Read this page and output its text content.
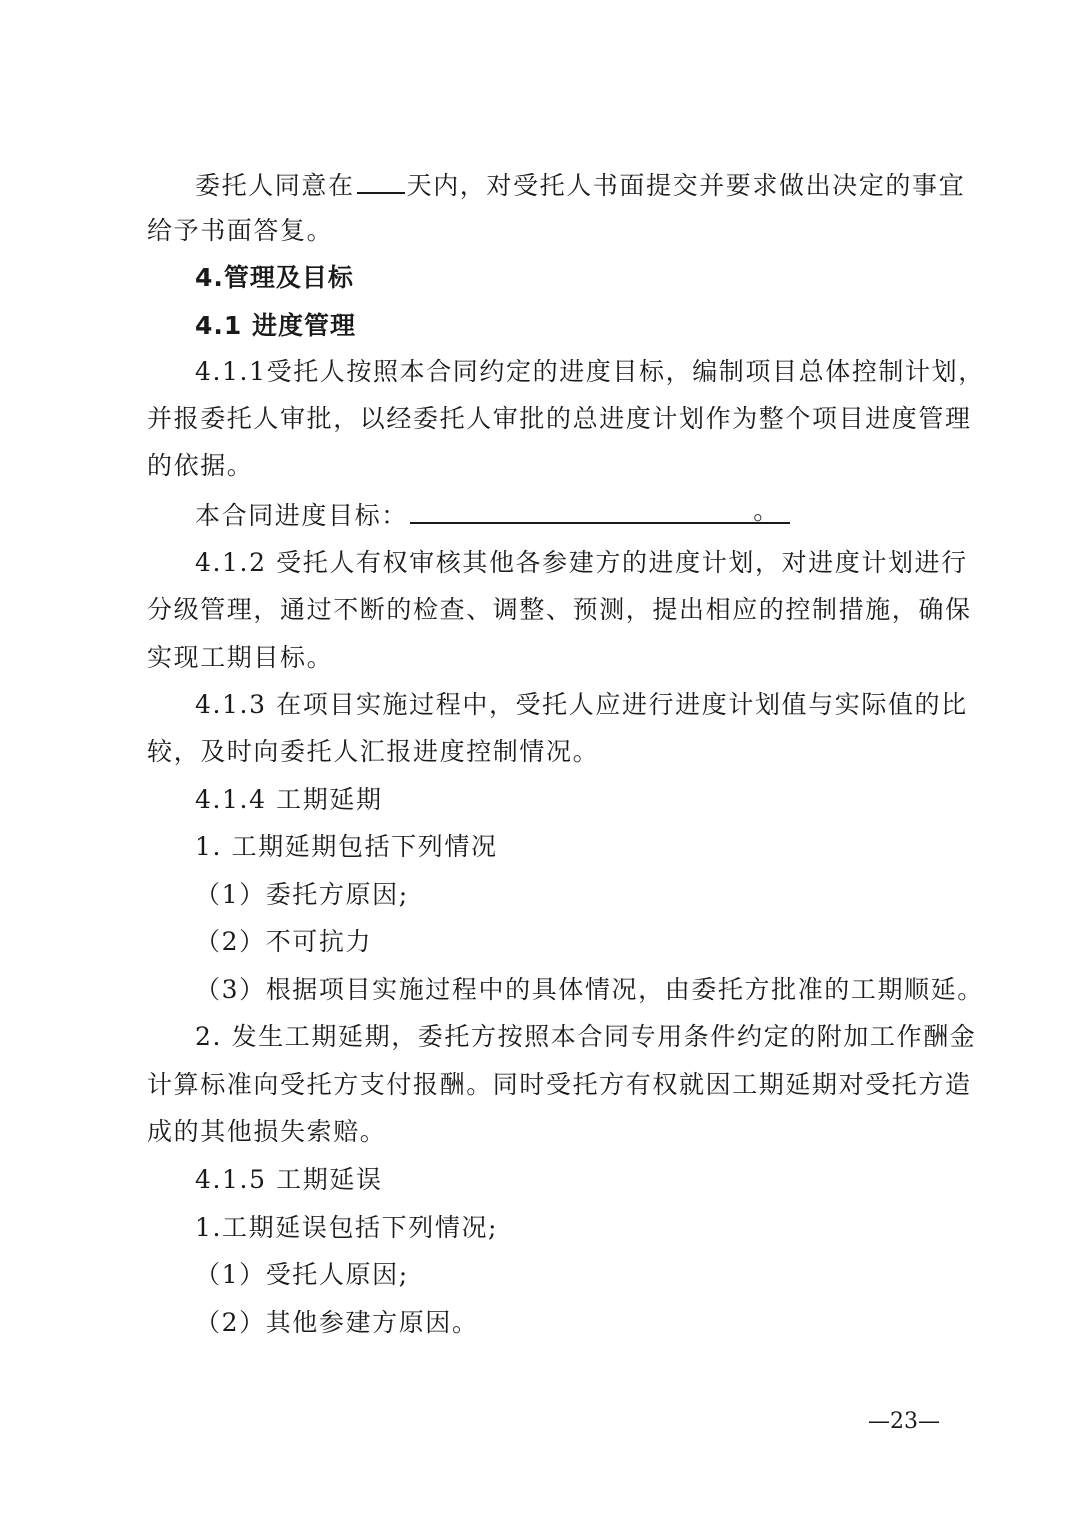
委托人同意在 天内，对受托人书面提交并要求做出决定的事宜
给予书面答复。
4.管理及目标
4.1 进度管理
4.1.1受托人按照本合同约定的进度目标，编制项目总体控制计划，
并报委托人审批，以经委托人审批的总进度计划作为整个项目进度管理
的依据。
本合同进度目标：	。
4.1.2 受托人有权审核其他各参建方的进度计划，对进度计划进行
分级管理，通过不断的检查、调整、预测，提出相应的控制措施，确保
实现工期目标。
4.1.3 在项目实施过程中，受托人应进行进度计划值与实际值的比
较，及时向委托人汇报进度控制情况。
4.1.4 工期延期
1. 工期延期包括下列情况
（1）委托方原因;
（2）不可抗力
（3）根据项目实施过程中的具体情况，由委托方批准的工期顺延。
2. 发生工期延期，委托方按照本合同专用条件约定的附加工作酬金
计算标准向受托方支付报酬。同时受托方有权就因工期延期对受托方造
成的其他损失索赔。
4.1.5 工期延误
1.工期延误包括下列情况;
（1）受托人原因;
（2）其他参建方原因。
—23—
